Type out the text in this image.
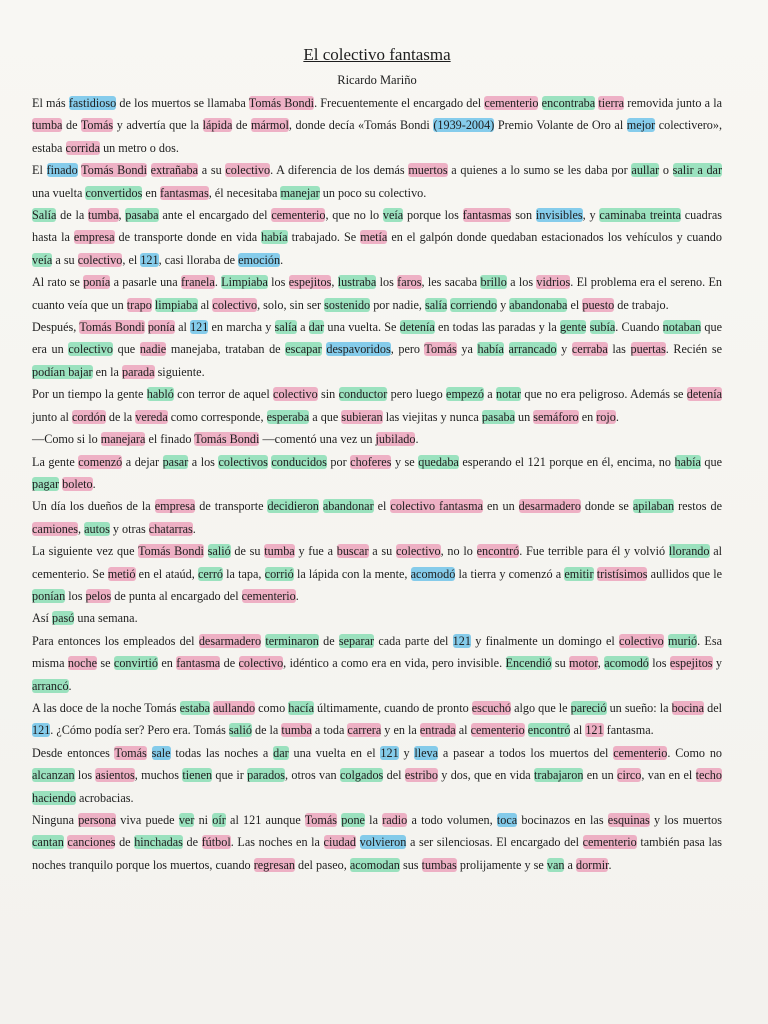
El colectivo fantasma
Ricardo Mariño

El más fastidioso de los muertos se llamaba Tomás Bondi. Frecuentemente el encargado del cementerio encontraba tierra removida junto a la tumba de Tomás y advertía que la lápida de mármol, donde decía «Tomás Bondi (1939-2004) Premio Volante de Oro al mejor colectivero», estaba corrida un metro o dos.

El finado Tomás Bondi extrañaba a su colectivo. A diferencia de los demás muertos a quienes a lo sumo se les daba por aullar o salir a dar una vuelta convertidos en fantasmas, él necesitaba manejar un poco su colectivo.

Salía de la tumba, pasaba ante el encargado del cementerio, que no lo veía porque los fantasmas son invisibles, y caminaba treinta cuadras hasta la empresa de transporte donde en vida había trabajado. Se metía en el galpón donde quedaban estacionados los vehículos y cuando veía a su colectivo, el 121, casi lloraba de emoción.

Al rato se ponía a pasarle una franela. Limpiaba los espejitos, lustraba los faros, les sacaba brillo a los vidrios. El problema era el sereno. En cuanto veía que un trapo limpiaba al colectivo, solo, sin ser sostenido por nadie, salía corriendo y abandonaba el puesto de trabajo.

Después, Tomás Bondi ponía al 121 en marcha y salía a dar una vuelta. Se detenía en todas las paradas y la gente subía. Cuando notaban que era un colectivo que nadie manejaba, trataban de escapar despavoridos, pero Tomás ya había arrancado y cerraba las puertas. Recién se podían bajar en la parada siguiente.

Por un tiempo la gente habló con terror de aquel colectivo sin conductor pero luego empezó a notar que no era peligroso. Además se detenía junto al cordón de la vereda como corresponde, esperaba a que subieran las viejitas y nunca pasaba un semáforo en rojo.

—Como si lo manejara el finado Tomás Bondi —comentó una vez un jubilado.

La gente comenzó a dejar pasar a los colectivos conducidos por choferes y se quedaba esperando el 121 porque en él, encima, no había que pagar boleto.

Un día los dueños de la empresa de transporte decidieron abandonar el colectivo fantasma en un desarmadero donde se apilaban restos de camiones, autos y otras chatarras.

La siguiente vez que Tomás Bondi salió de su tumba y fue a buscar a su colectivo, no lo encontró. Fue terrible para él y volvió llorando al cementerio. Se metió en el ataúd, cerró la tapa, corrió la lápida con la mente, acomodó la tierra y comenzó a emitir tristísimos aullidos que le ponían los pelos de punta al encargado del cementerio.

Así pasó una semana.

Para entonces los empleados del desarmadero terminaron de separar cada parte del 121 y finalmente un domingo el colectivo murió. Esa misma noche se convirtió en fantasma de colectivo, idéntico a como era en vida, pero invisible. Encendió su motor, acomodó los espejitos y arrancó.

A las doce de la noche Tomás estaba aullando como hacía últimamente, cuando de pronto escuchó algo que le pareció un sueño: la bocina del 121. ¿Cómo podía ser? Pero era. Tomás salió de la tumba a toda carrera y en la entrada al cementerio encontró al 121 fantasma.

Desde entonces Tomás sale todas las noches a dar una vuelta en el 121 y lleva a pasear a todos los muertos del cementerio. Como no alcanzan los asientos, muchos tienen que ir parados, otros van colgados del estribo y dos, que en vida trabajaron en un circo, van en el techo haciendo acrobacias.

Ninguna persona viva puede ver ni oír al 121 aunque Tomás pone la radio a todo volumen, toca bocinazos en las esquinas y los muertos cantan canciones de hinchadas de fútbol. Las noches en la ciudad volvieron a ser silenciosas. El encargado del cementerio también pasa las noches tranquilo porque los muertos, cuando regresan del paseo, acomodan sus tumbas prolijamente y se van a dormir.
